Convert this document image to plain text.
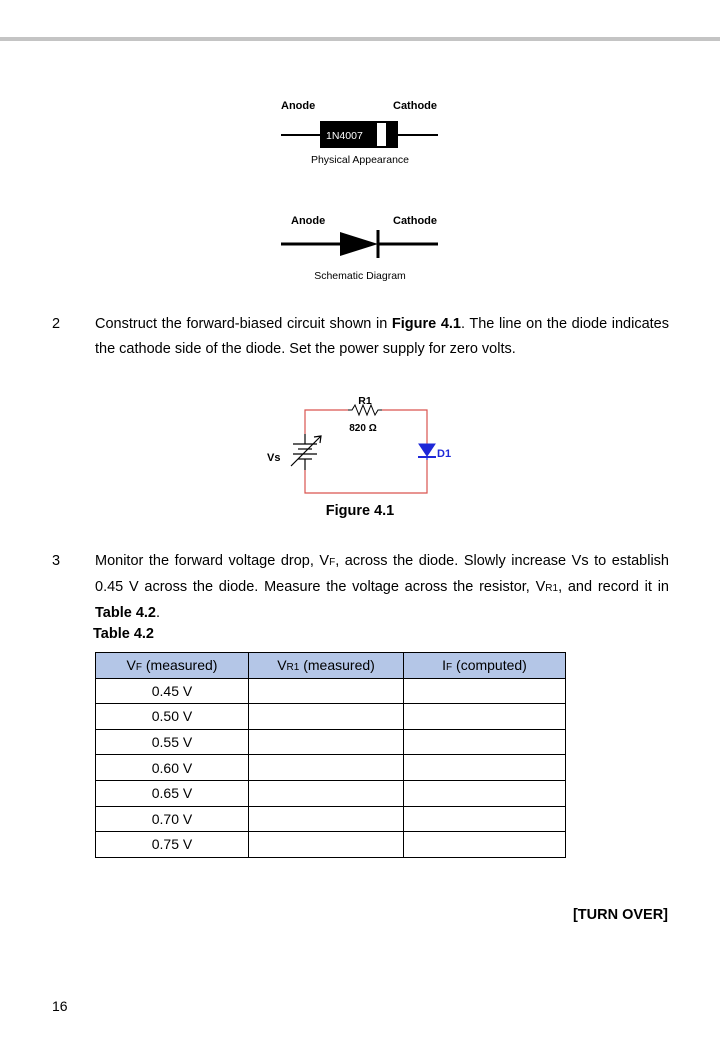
Anode	Cathode
1N4007
Physical Appearance
Anode	Cathode
Schematic Diagram
2 Construct the forward-biased circuit shown in Figure 4.1. The line on the diode indicates the cathode side of the diode. Set the power supply for zero volts.
R1
820 Ω
Vs	D1
Figure 4.1
3 Monitor the forward voltage drop, VF, across the diode. Slowly increase Vs to establish 0.45 V across the diode. Measure the voltage across the resistor, VR1, and record it in Table 4.2.
Table 4.2
VF (measured)	VR1 (measured)	IF (computed)
0.45 V		
0.50 V		
0.55 V		
0.60 V		
0.65 V		
0.70 V		
0.75 V		
[TURN OVER]
16
